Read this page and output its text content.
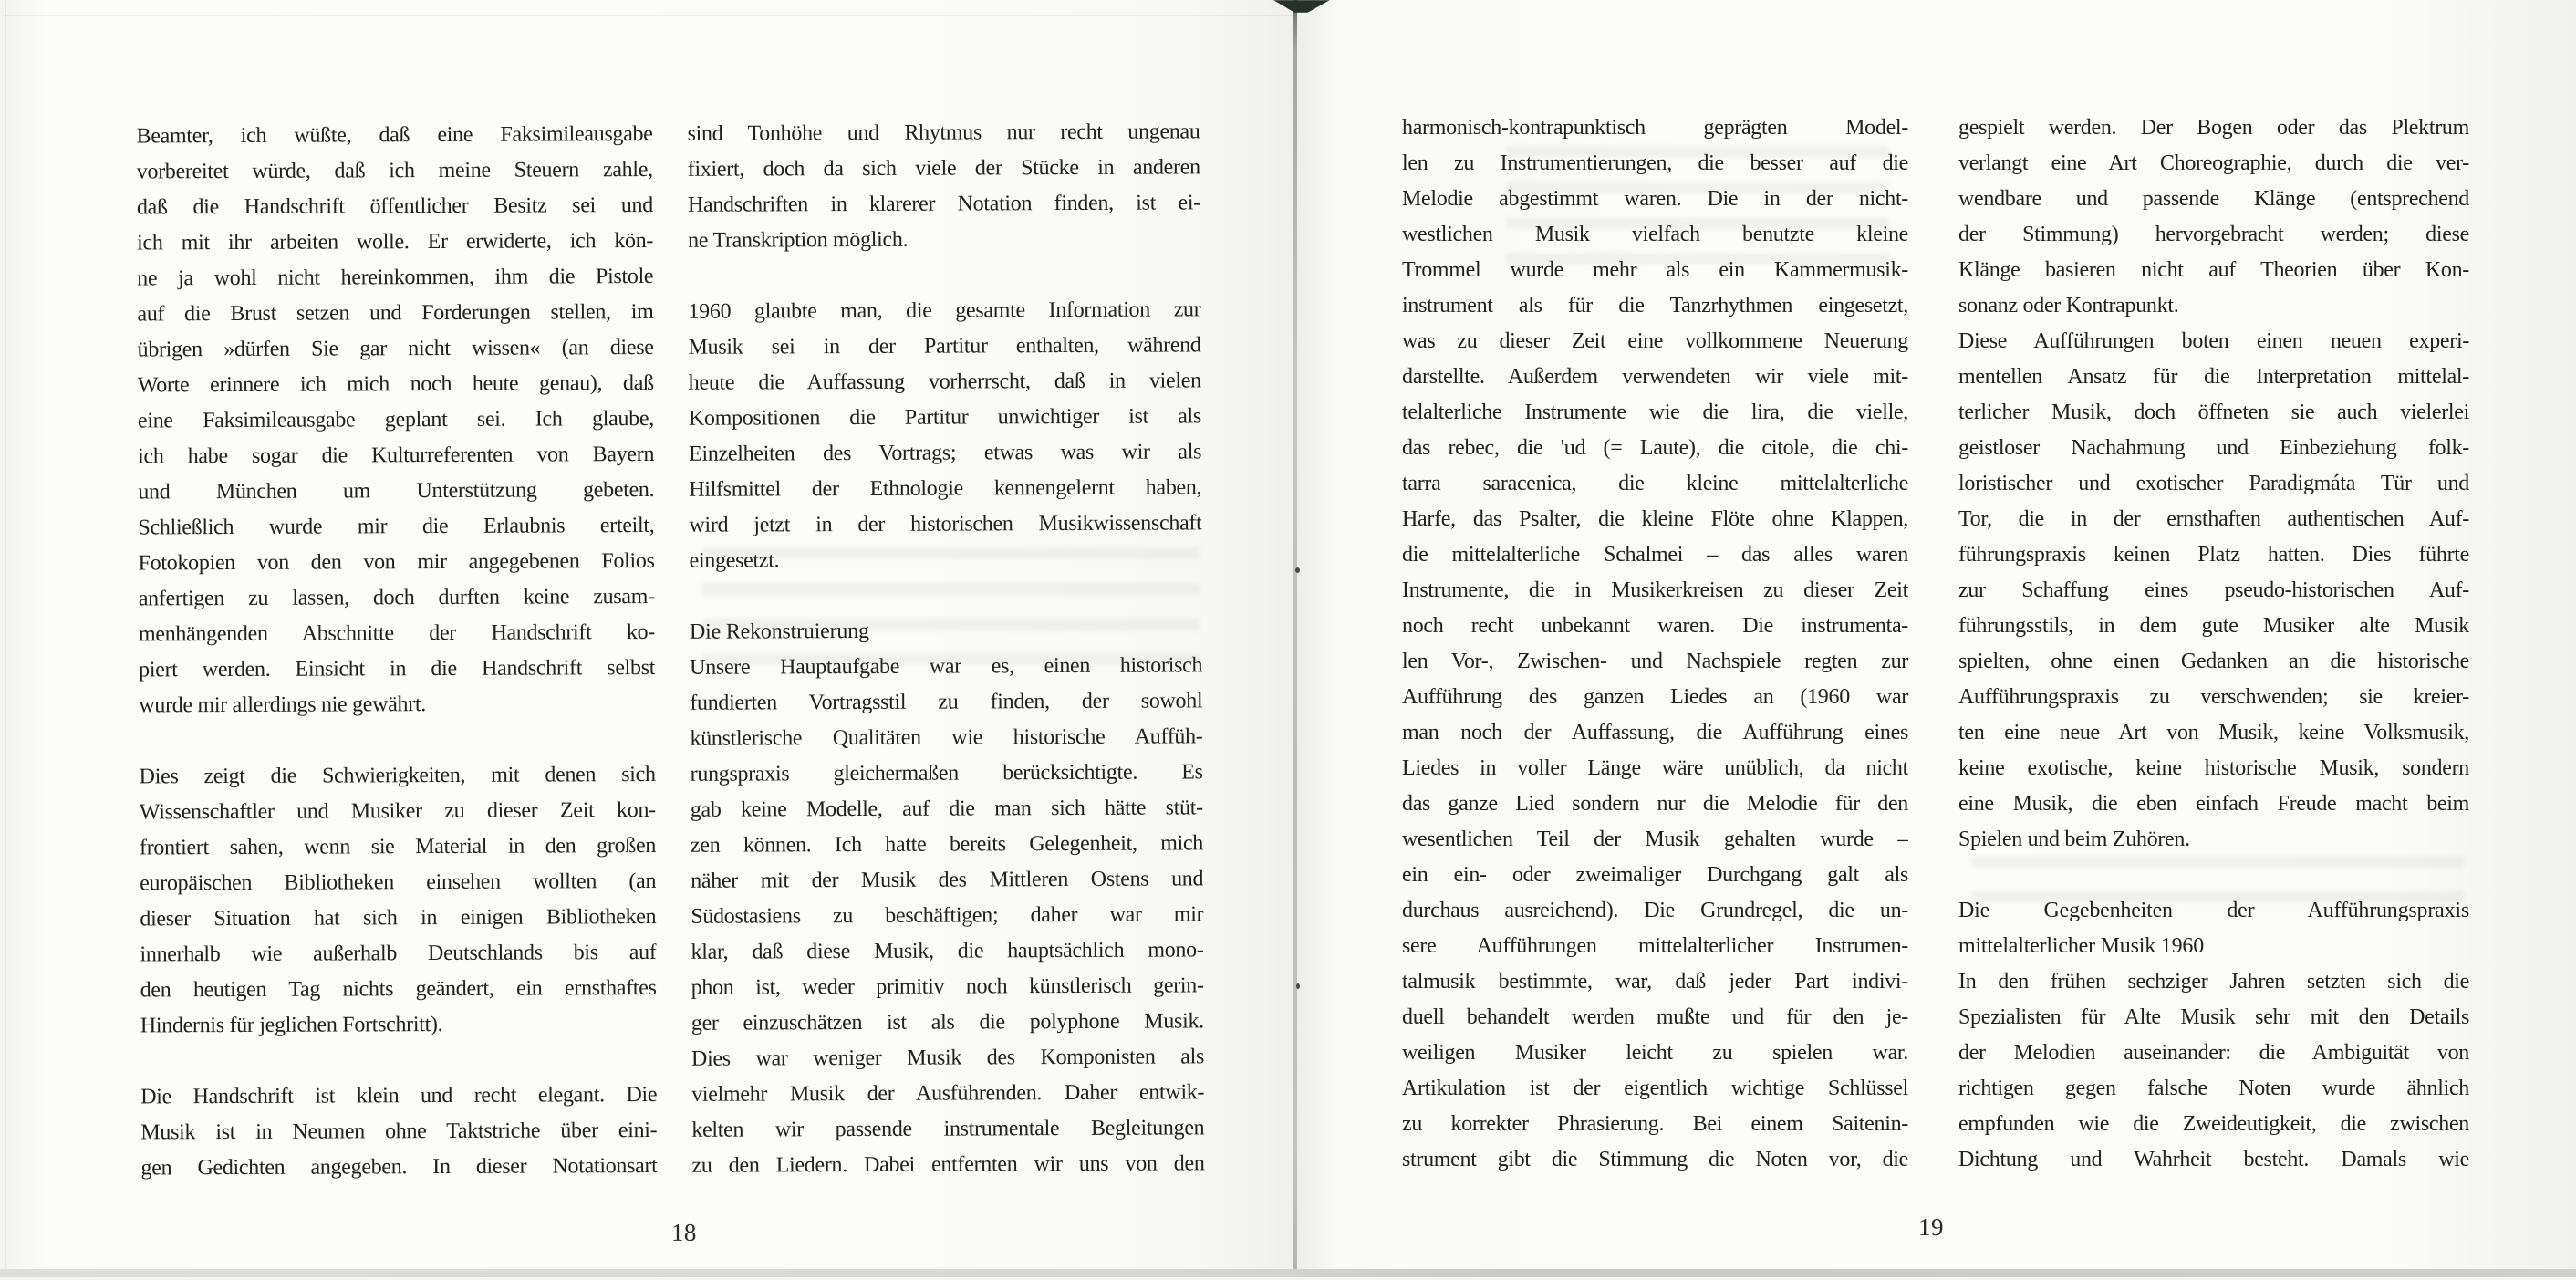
Beamter, ich wüßte, daß eine Faksimileausgabe
vorbereitet würde, daß ich meine Steuern zahle,
daß die Handschrift öffentlicher Besitz sei und
ich mit ihr arbeiten wolle. Er erwiderte, ich kön-
ne ja wohl nicht hereinkommen, ihm die Pistole
auf die Brust setzen und Forderungen stellen, im
übrigen »dürfen Sie gar nicht wissen« (an diese
Worte erinnere ich mich noch heute genau), daß
eine Faksimileausgabe geplant sei. Ich glaube,
ich habe sogar die Kulturreferenten von Bayern
und München um Unterstützung gebeten.
Schließlich wurde mir die Erlaubnis erteilt,
Fotokopien von den von mir angegebenen Folios
anfertigen zu lassen, doch durften keine zusam-
menhängenden Abschnitte der Handschrift ko-
piert werden. Einsicht in die Handschrift selbst
wurde mir allerdings nie gewährt.
Dies zeigt die Schwierigkeiten, mit denen sich
Wissenschaftler und Musiker zu dieser Zeit kon-
frontiert sahen, wenn sie Material in den großen
europäischen Bibliotheken einsehen wollten (an
dieser Situation hat sich in einigen Bibliotheken
innerhalb wie außerhalb Deutschlands bis auf
den heutigen Tag nichts geändert, ein ernsthaftes
Hindernis für jeglichen Fortschritt).
Die Handschrift ist klein und recht elegant. Die
Musik ist in Neumen ohne Taktstriche über eini-
gen Gedichten angegeben. In dieser Notationsart
sind Tonhöhe und Rhytmus nur recht ungenau
fixiert, doch da sich viele der Stücke in anderen
Handschriften in klarerer Notation finden, ist ei-
ne Transkription möglich.
1960 glaubte man, die gesamte Information zur
Musik sei in der Partitur enthalten, während
heute die Auffassung vorherrscht, daß in vielen
Kompositionen die Partitur unwichtiger ist als
Einzelheiten des Vortrags; etwas was wir als
Hilfsmittel der Ethnologie kennengelernt haben,
wird jetzt in der historischen Musikwissenschaft
eingesetzt.
Die Rekonstruierung
Unsere Hauptaufgabe war es, einen historisch
fundierten Vortragsstil zu finden, der sowohl
künstlerische Qualitäten wie historische Auffüh-
rungspraxis gleichermaßen berücksichtigte. Es
gab keine Modelle, auf die man sich hätte stüt-
zen können. Ich hatte bereits Gelegenheit, mich
näher mit der Musik des Mittleren Ostens und
Südostasiens zu beschäftigen; daher war mir
klar, daß diese Musik, die hauptsächlich mono-
phon ist, weder primitiv noch künstlerisch gerin-
ger einzuschätzen ist als die polyphone Musik.
Dies war weniger Musik des Komponisten als
vielmehr Musik der Ausführenden. Daher entwik-
kelten wir passende instrumentale Begleitungen
zu den Liedern. Dabei entfernten wir uns von den
18
harmonisch-kontrapunktisch geprägten Model-
len zu Instrumentierungen, die besser auf die
Melodie abgestimmt waren. Die in der nicht-
westlichen Musik vielfach benutzte kleine
Trommel wurde mehr als ein Kammermusik-
instrument als für die Tanzrhythmen eingesetzt,
was zu dieser Zeit eine vollkommene Neuerung
darstellte. Außerdem verwendeten wir viele mit-
telalterliche Instrumente wie die lira, die vielle,
das rebec, die 'ud (= Laute), die citole, die chi-
tarra saracenica, die kleine mittelalterliche
Harfe, das Psalter, die kleine Flöte ohne Klappen,
die mittelalterliche Schalmei – das alles waren
Instrumente, die in Musikerkreisen zu dieser Zeit
noch recht unbekannt waren. Die instrumenta-
len Vor-, Zwischen- und Nachspiele regten zur
Aufführung des ganzen Liedes an (1960 war
man noch der Auffassung, die Aufführung eines
Liedes in voller Länge wäre unüblich, da nicht
das ganze Lied sondern nur die Melodie für den
wesentlichen Teil der Musik gehalten wurde –
ein ein- oder zweimaliger Durchgang galt als
durchaus ausreichend). Die Grundregel, die un-
sere Aufführungen mittelalterlicher Instrumen-
talmusik bestimmte, war, daß jeder Part indivi-
duell behandelt werden mußte und für den je-
weiligen Musiker leicht zu spielen war.
Artikulation ist der eigentlich wichtige Schlüssel
zu korrekter Phrasierung. Bei einem Saitenin-
strument gibt die Stimmung die Noten vor, die
gespielt werden. Der Bogen oder das Plektrum
verlangt eine Art Choreographie, durch die ver-
wendbare und passende Klänge (entsprechend
der Stimmung) hervorgebracht werden; diese
Klänge basieren nicht auf Theorien über Kon-
sonanz oder Kontrapunkt.
Diese Aufführungen boten einen neuen experi-
mentellen Ansatz für die Interpretation mittelal-
terlicher Musik, doch öffneten sie auch vielerlei
geistloser Nachahmung und Einbeziehung folk-
loristischer und exotischer Paradigmáta Tür und
Tor, die in der ernsthaften authentischen Auf-
führungspraxis keinen Platz hatten. Dies führte
zur Schaffung eines pseudo-historischen Auf-
führungsstils, in dem gute Musiker alte Musik
spielten, ohne einen Gedanken an die historische
Aufführungspraxis zu verschwenden; sie kreier-
ten eine neue Art von Musik, keine Volksmusik,
keine exotische, keine historische Musik, sondern
eine Musik, die eben einfach Freude macht beim
Spielen und beim Zuhören.
Die Gegebenheiten der Aufführungspraxis
mittelalterlicher Musik 1960
In den frühen sechziger Jahren setzten sich die
Spezialisten für Alte Musik sehr mit den Details
der Melodien auseinander: die Ambiguität von
richtigen gegen falsche Noten wurde ähnlich
empfunden wie die Zweideutigkeit, die zwischen
Dichtung und Wahrheit besteht. Damals wie
19
